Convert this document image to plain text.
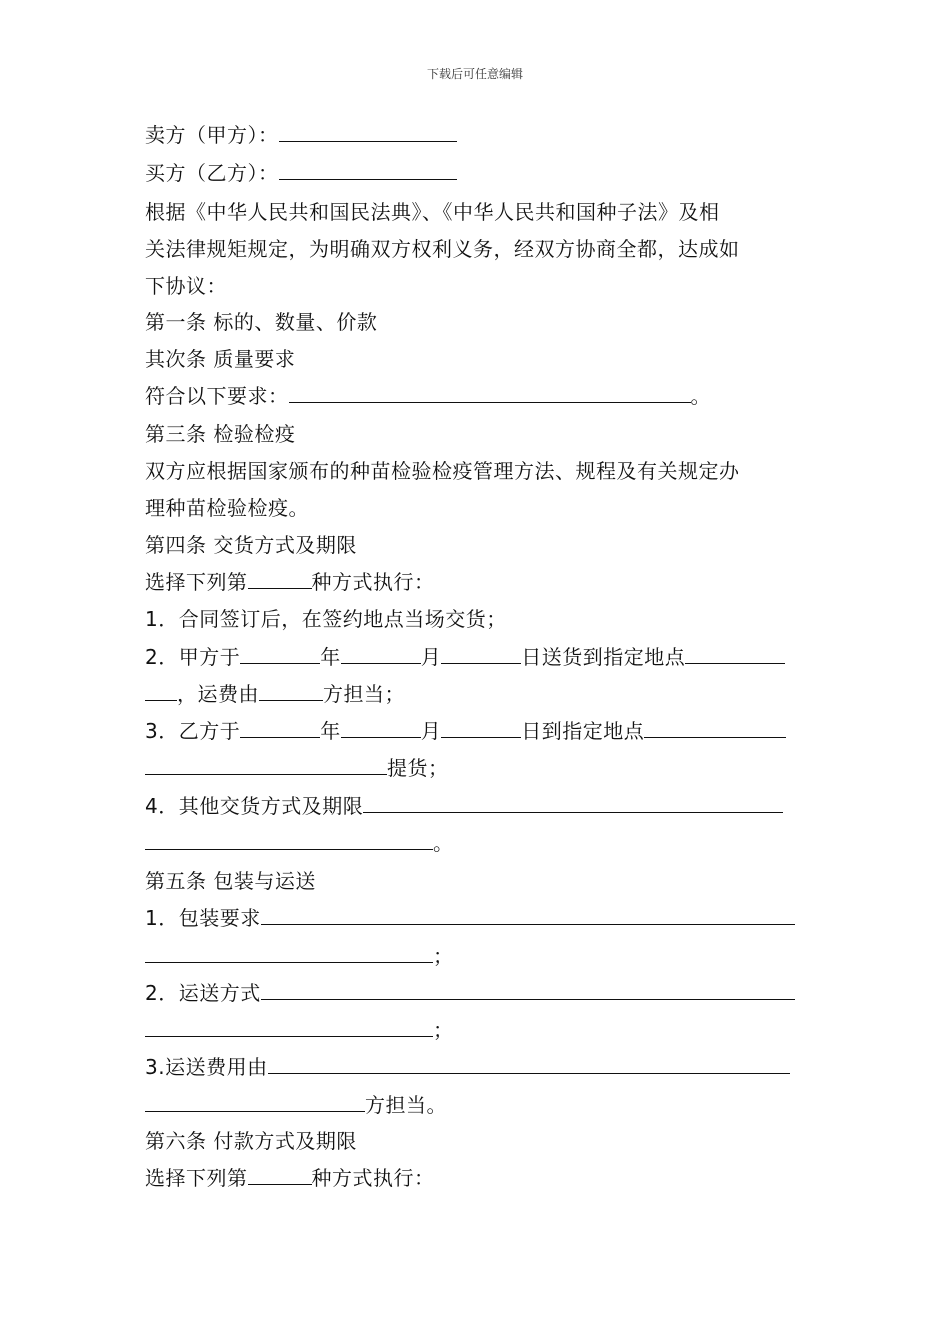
下载后可任意编辑
卖方（甲方）：
买方（乙方）：
根据《中华人民共和国民法典》、《中华人民共和国种子法》及相
关法律规矩规定，为明确双方权利义务，经双方协商全都，达成如
下协议：
第一条 标的、数量、价款
其次条 质量要求
符合以下要求：	。
第三条 检验检疫
双方应根据国家颁布的种苗检验检疫管理方法、规程及有关规定办
理种苗检验检疫。
第四条 交货方式及期限
选择下列第	种方式执行：
1．合同签订后，在签约地点当场交货；
2．甲方于	年	月	日送货到指定地点
，运费由	方担当；
3．乙方于	年	月	日到指定地点
提货；
4．其他交货方式及期限
。
第五条 包装与运送
1．包装要求
；
2．运送方式
；
3.运送费用由
方担当。
第六条 付款方式及期限
选择下列第	种方式执行：
